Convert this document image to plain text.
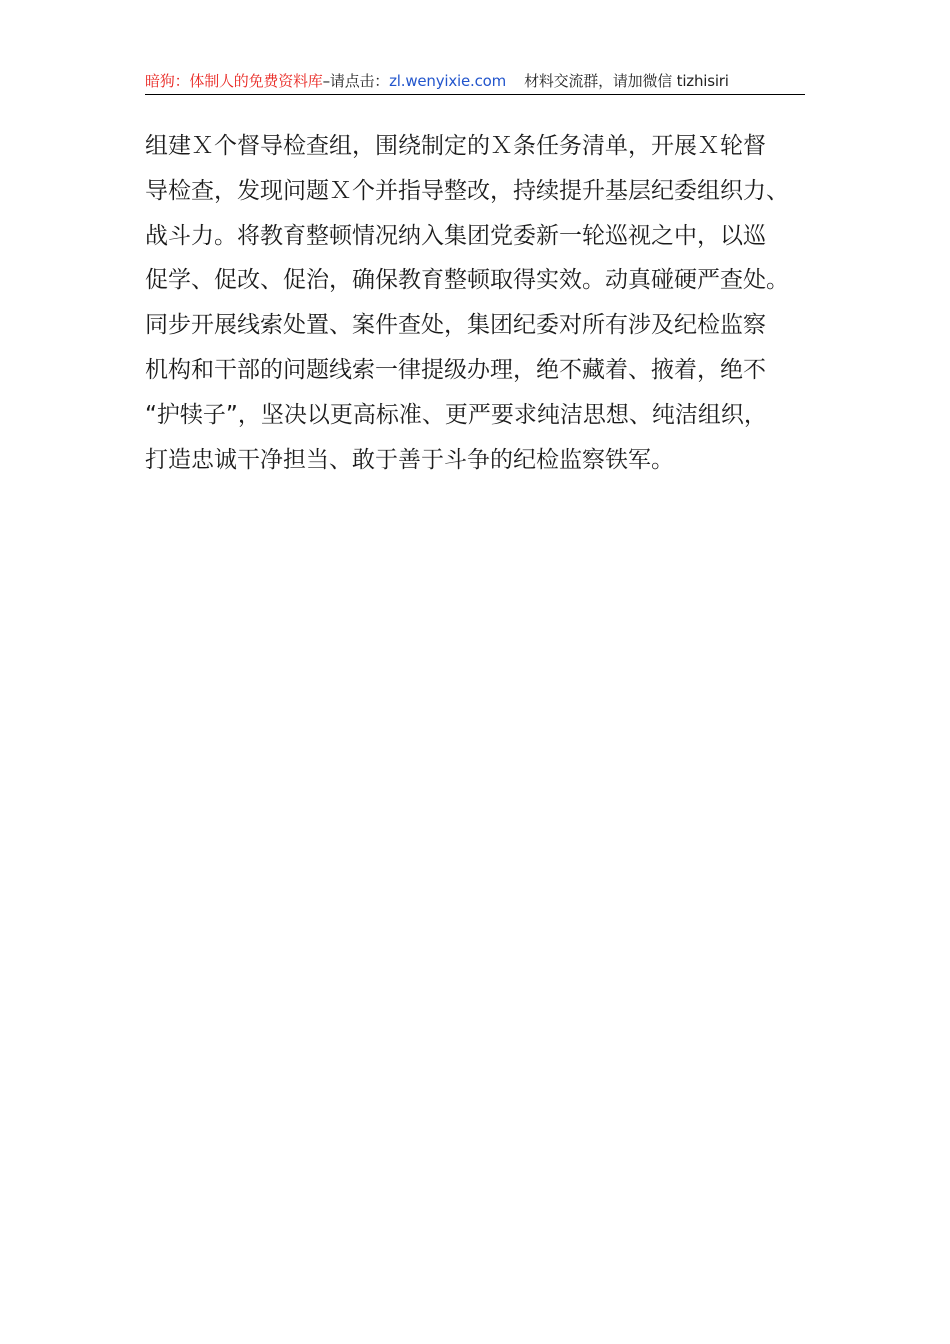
暗狗：体制人的免费资料库–请点击：zl.wenyixie.com 材料交流群，请加微信 tizhisiri
组建Ｘ个督导检查组，围绕制定的Ｘ条任务清单，开展Ｘ轮督
导检查，发现问题Ｘ个并指导整改，持续提升基层纪委组织力、
战斗力。将教育整顿情况纳入集团党委新一轮巡视之中，以巡
促学、促改、促治，确保教育整顿取得实效。动真碰硬严查处。
同步开展线索处置、案件查处，集团纪委对所有涉及纪检监察
机构和干部的问题线索一律提级办理，绝不藏着、掖着，绝不
“护犊子”，坚决以更高标准、更严要求纯洁思想、纯洁组织，
打造忠诚干净担当、敢于善于斗争的纪检监察铁军。
